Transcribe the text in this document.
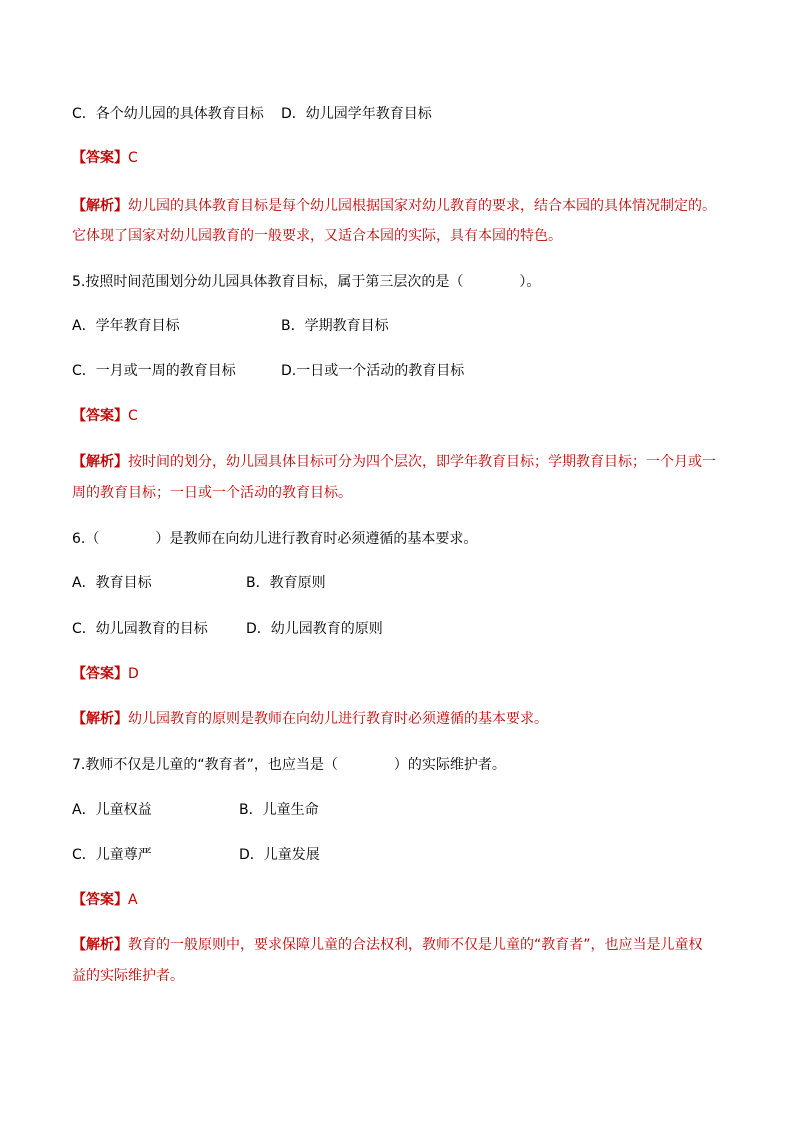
C．各个幼儿园的具体教育目标 D．幼儿园学年教育目标
【答案】C
【解析】幼儿园的具体教育目标是每个幼儿园根据国家对幼儿教育的要求，结合本园的具体情况制定的。
它体现了国家对幼儿园教育的一般要求，又适合本园的实际，具有本园的特色。
5.按照时间范围划分幼儿园具体教育目标，属于第三层次的是（　　　　）。
A．学年教育目标	B．学期教育目标
C．一月或一周的教育目标	D.一日或一个活动的教育目标
【答案】C
【解析】按时间的划分，幼儿园具体目标可分为四个层次，即学年教育目标；学期教育目标；一个月或一
周的教育目标；一日或一个活动的教育目标。
6.（　　　　）是教师在向幼儿进行教育时必须遵循的基本要求。
A．教育目标	B．教育原则
C．幼儿园教育的目标	D．幼儿园教育的原则
【答案】D
【解析】幼儿园教育的原则是教师在向幼儿进行教育时必须遵循的基本要求。
7.教师不仅是儿童的“教育者”，也应当是（　　　　）的实际维护者。
A．儿童权益	B．儿童生命
C．儿童尊严	D．儿童发展
【答案】A
【解析】教育的一般原则中，要求保障儿童的合法权利，教师不仅是儿童的“教育者”，也应当是儿童权
益的实际维护者。
